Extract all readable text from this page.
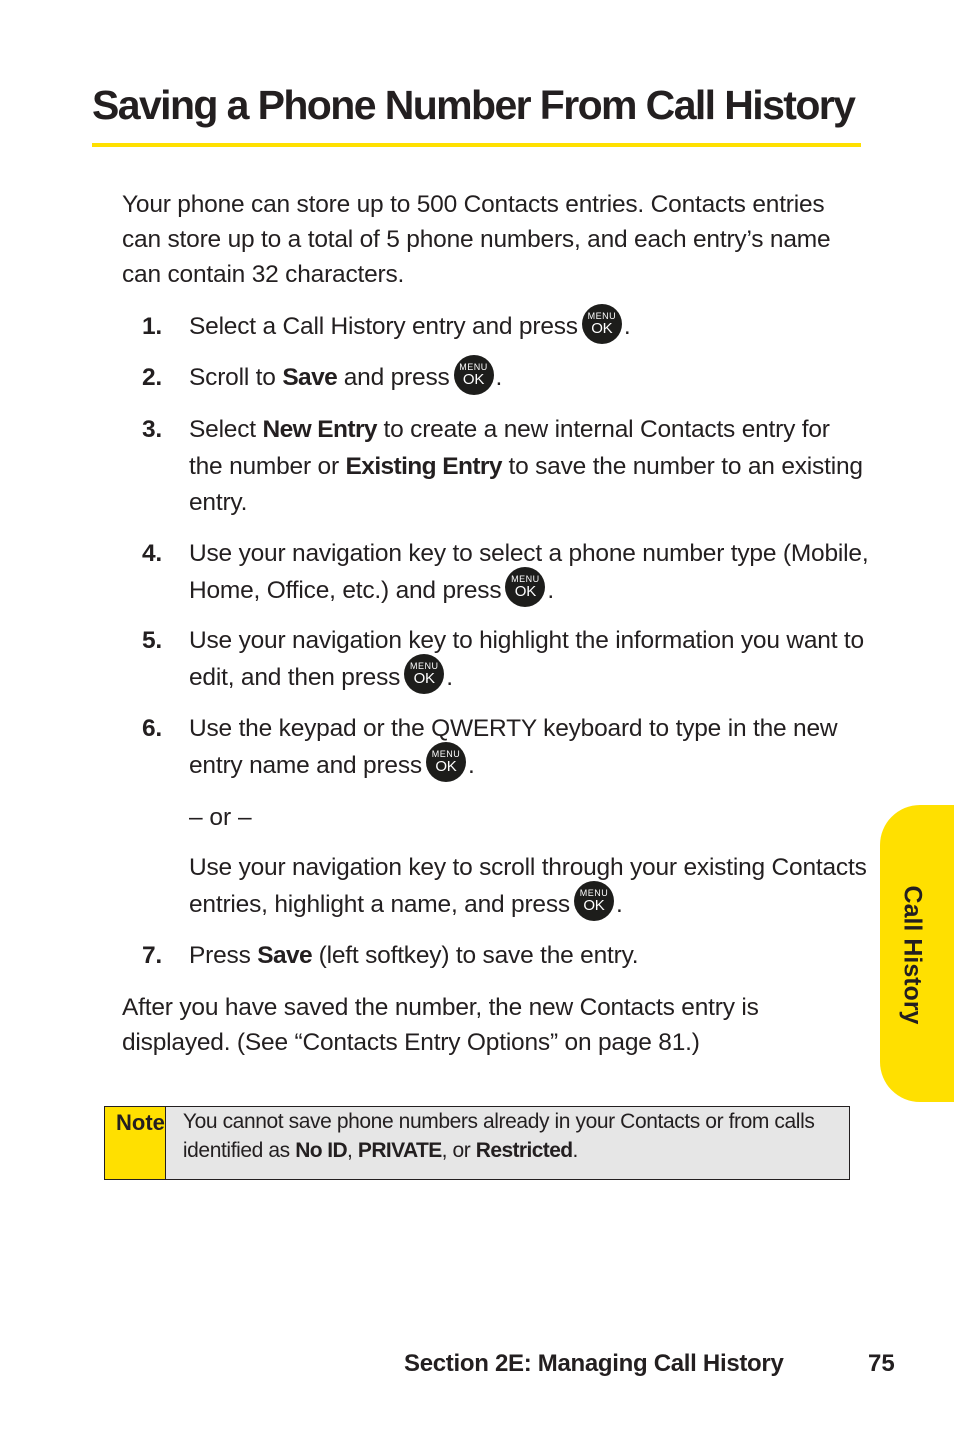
Saving a Phone Number From Call History
Your phone can store up to 500 Contacts entries. Contacts entries can store up to a total of 5 phone numbers, and each entry’s name can contain 32 characters.
1. Select a Call History entry and press	MENU
OK .
2. Scroll to Save and press	MENU
OK .
3. Select New Entry to create a new internal Contacts entry for the number or Existing Entry to save the number to an existing entry.
4. Use your navigation key to select a phone number type (Mobile, Home, Office, etc.) and press	MENU
OK .
5. Use your navigation key to highlight the information you want to edit, and then press	MENU
OK .
6. Use the keypad or the QWERTY keyboard to type in the new entry name and press	MENU
OK .
– or –
Use your navigation key to scroll through your existing Contacts entries, highlight a name, and press	MENU
OK .
7. Press Save (left softkey) to save the entry.
After you have saved the number, the new Contacts entry is displayed. (See “Contacts Entry Options” on page 81.)
Note You cannot save phone numbers already in your Contacts or from calls identified as No ID, PRIVATE, or Restricted.
Call History
Section 2E: Managing Call History	75
